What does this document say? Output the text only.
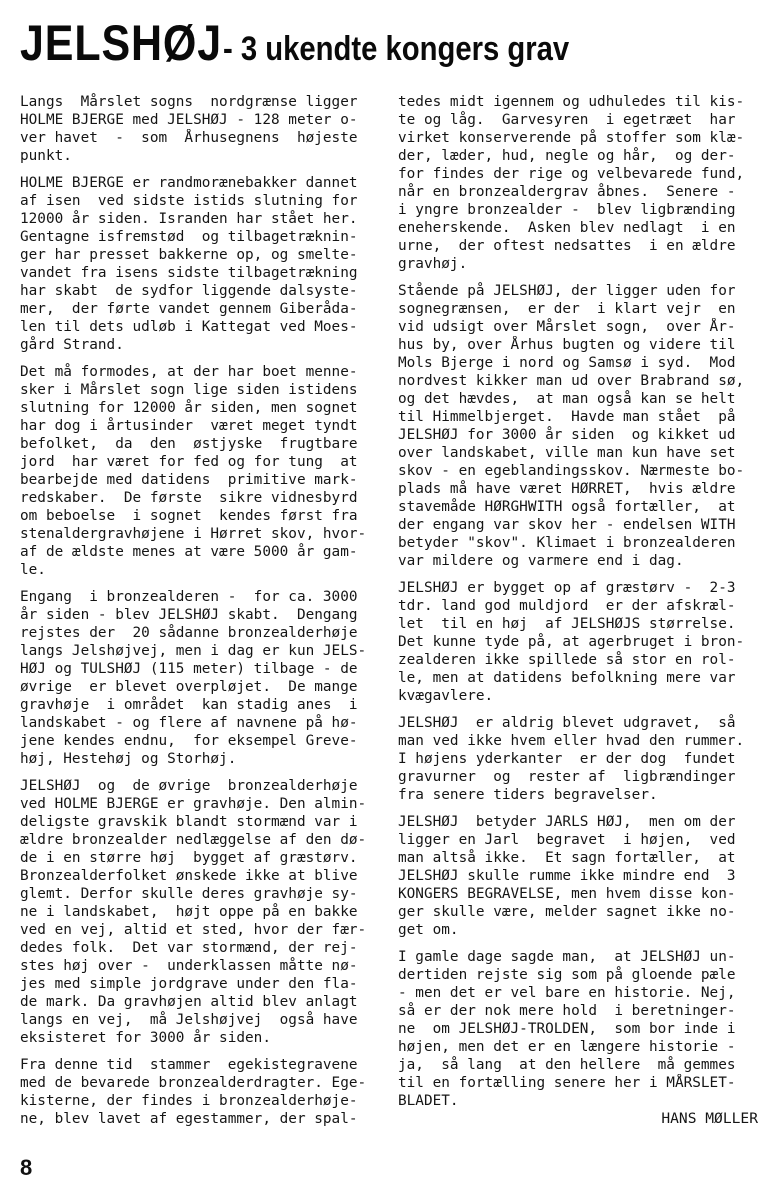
JELSHØJ - 3 ukendte kongers grav
Langs  Mårslet sogns  nordgrænse ligger
HOLME BJERGE med JELSHØJ - 128 meter o-
ver havet  -  som  Århusegnens  højeste
punkt.
HOLME BJERGE er randmorænebakker dannet
af isen  ved sidste istids slutning for
12000 år siden. Isranden har stået her.
Gentagne isfremstød  og tilbagetræknin-
ger har presset bakkerne op, og smelte-
vandet fra isens sidste tilbagetrækning
har skabt  de sydfor liggende dalsyste-
mer,  der førte vandet gennem Giberåda-
len til dets udløb i Kattegat ved Moes-
gård Strand.
Det må formodes, at der har boet menne-
sker i Mårslet sogn lige siden istidens
slutning for 12000 år siden, men sognet
har dog i årtusinder  været meget tyndt
befolket,  da  den  østjyske  frugtbare
jord  har været for fed og for tung  at
bearbejde med datidens  primitive mark-
redskaber.  De første  sikre vidnesbyrd
om beboelse  i sognet  kendes først fra
stenaldergravhøjene i Hørret skov, hvor-
af de ældste menes at være 5000 år gam-
le.
Engang  i bronzealderen -  for ca. 3000
år siden - blev JELSHØJ skabt.  Dengang
rejstes der  20 sådanne bronzealderhøje
langs Jelshøjvej, men i dag er kun JELS-
HØJ og TULSHØJ (115 meter) tilbage - de
øvrige  er blevet overpløjet.  De mange
gravhøje  i området  kan stadig anes  i
landskabet - og flere af navnene på hø-
jene kendes endnu,  for eksempel Greve-
høj, Hestehøj og Storhøj.
JELSHØJ  og  de øvrige  bronzealderhøje
ved HOLME BJERGE er gravhøje. Den almin-
deligste gravskik blandt stormænd var i
ældre bronzealder nedlæggelse af den dø-
de i en større høj  bygget af græstørv.
Bronzealderfolket ønskede ikke at blive
glemt. Derfor skulle deres gravhøje sy-
ne i landskabet,  højt oppe på en bakke
ved en vej, altid et sted, hvor der fær-
dedes folk.  Det var stormænd, der rej-
stes høj over -  underklassen måtte nø-
jes med simple jordgrave under den fla-
de mark. Da gravhøjen altid blev anlagt
langs en vej,  må Jelshøjvej  også have
eksisteret for 3000 år siden.
Fra denne tid  stammer  egekistegravene
med de bevarede bronzealderdragter. Ege-
kisterne, der findes i bronzealderhøje-
ne, blev lavet af egestammer, der spal-
tedes midt igennem og udhuledes til kis-
te og låg.  Garvesyren  i egetræet  har
virket konserverende på stoffer som klæ-
der, læder, hud, negle og hår,  og der-
for findes der rige og velbevarede fund,
når en bronzealdergrav åbnes.  Senere -
i yngre bronzealder -  blev ligbrænding
eneherskende.  Asken blev nedlagt  i en
urne,  der oftest nedsattes  i en ældre
gravhøj.
Stående på JELSHØJ, der ligger uden for
sognegrænsen,  er der  i klart vejr  en
vid udsigt over Mårslet sogn,  over År-
hus by, over Århus bugten og videre til
Mols Bjerge i nord og Samsø i syd.  Mod
nordvest kikker man ud over Brabrand sø,
og det hævdes,  at man også kan se helt
til Himmelbjerget.  Havde man stået  på
JELSHØJ for 3000 år siden  og kikket ud
over landskabet, ville man kun have set
skov - en egeblandingsskov. Nærmeste bo-
plads må have været HØRRET,  hvis ældre
stavemåde HØRGHWITH også fortæller,  at
der engang var skov her - endelsen WITH
betyder "skov". Klimaet i bronzealderen
var mildere og varmere end i dag.
JELSHØJ er bygget op af græstørv -  2-3
tdr. land god muldjord  er der afskræl-
let  til en høj  af JELSHØJS størrelse.
Det kunne tyde på, at agerbruget i bron-
zealderen ikke spillede så stor en rol-
le, men at datidens befolkning mere var
kvægavlere.
JELSHØJ  er aldrig blevet udgravet,  så
man ved ikke hvem eller hvad den rummer.
I højens yderkanter  er der dog  fundet
gravurner  og  rester af  ligbrændinger
fra senere tiders begravelser.
JELSHØJ  betyder JARLS HØJ,  men om der
ligger en Jarl  begravet  i højen,  ved
man altså ikke.  Et sagn fortæller,  at
JELSHØJ skulle rumme ikke mindre end  3
KONGERS BEGRAVELSE, men hvem disse kon-
ger skulle være, melder sagnet ikke no-
get om.
I gamle dage sagde man,  at JELSHØJ un-
dertiden rejste sig som på gloende pæle
- men det er vel bare en historie. Nej,
så er der nok mere hold  i beretninger-
ne  om JELSHØJ-TROLDEN,  som bor inde i
højen, men det er en længere historie -
ja,  så lang  at den hellere  må gemmes
til en fortælling senere her i MÅRSLET-
BLADET.
HANS MØLLER
8
